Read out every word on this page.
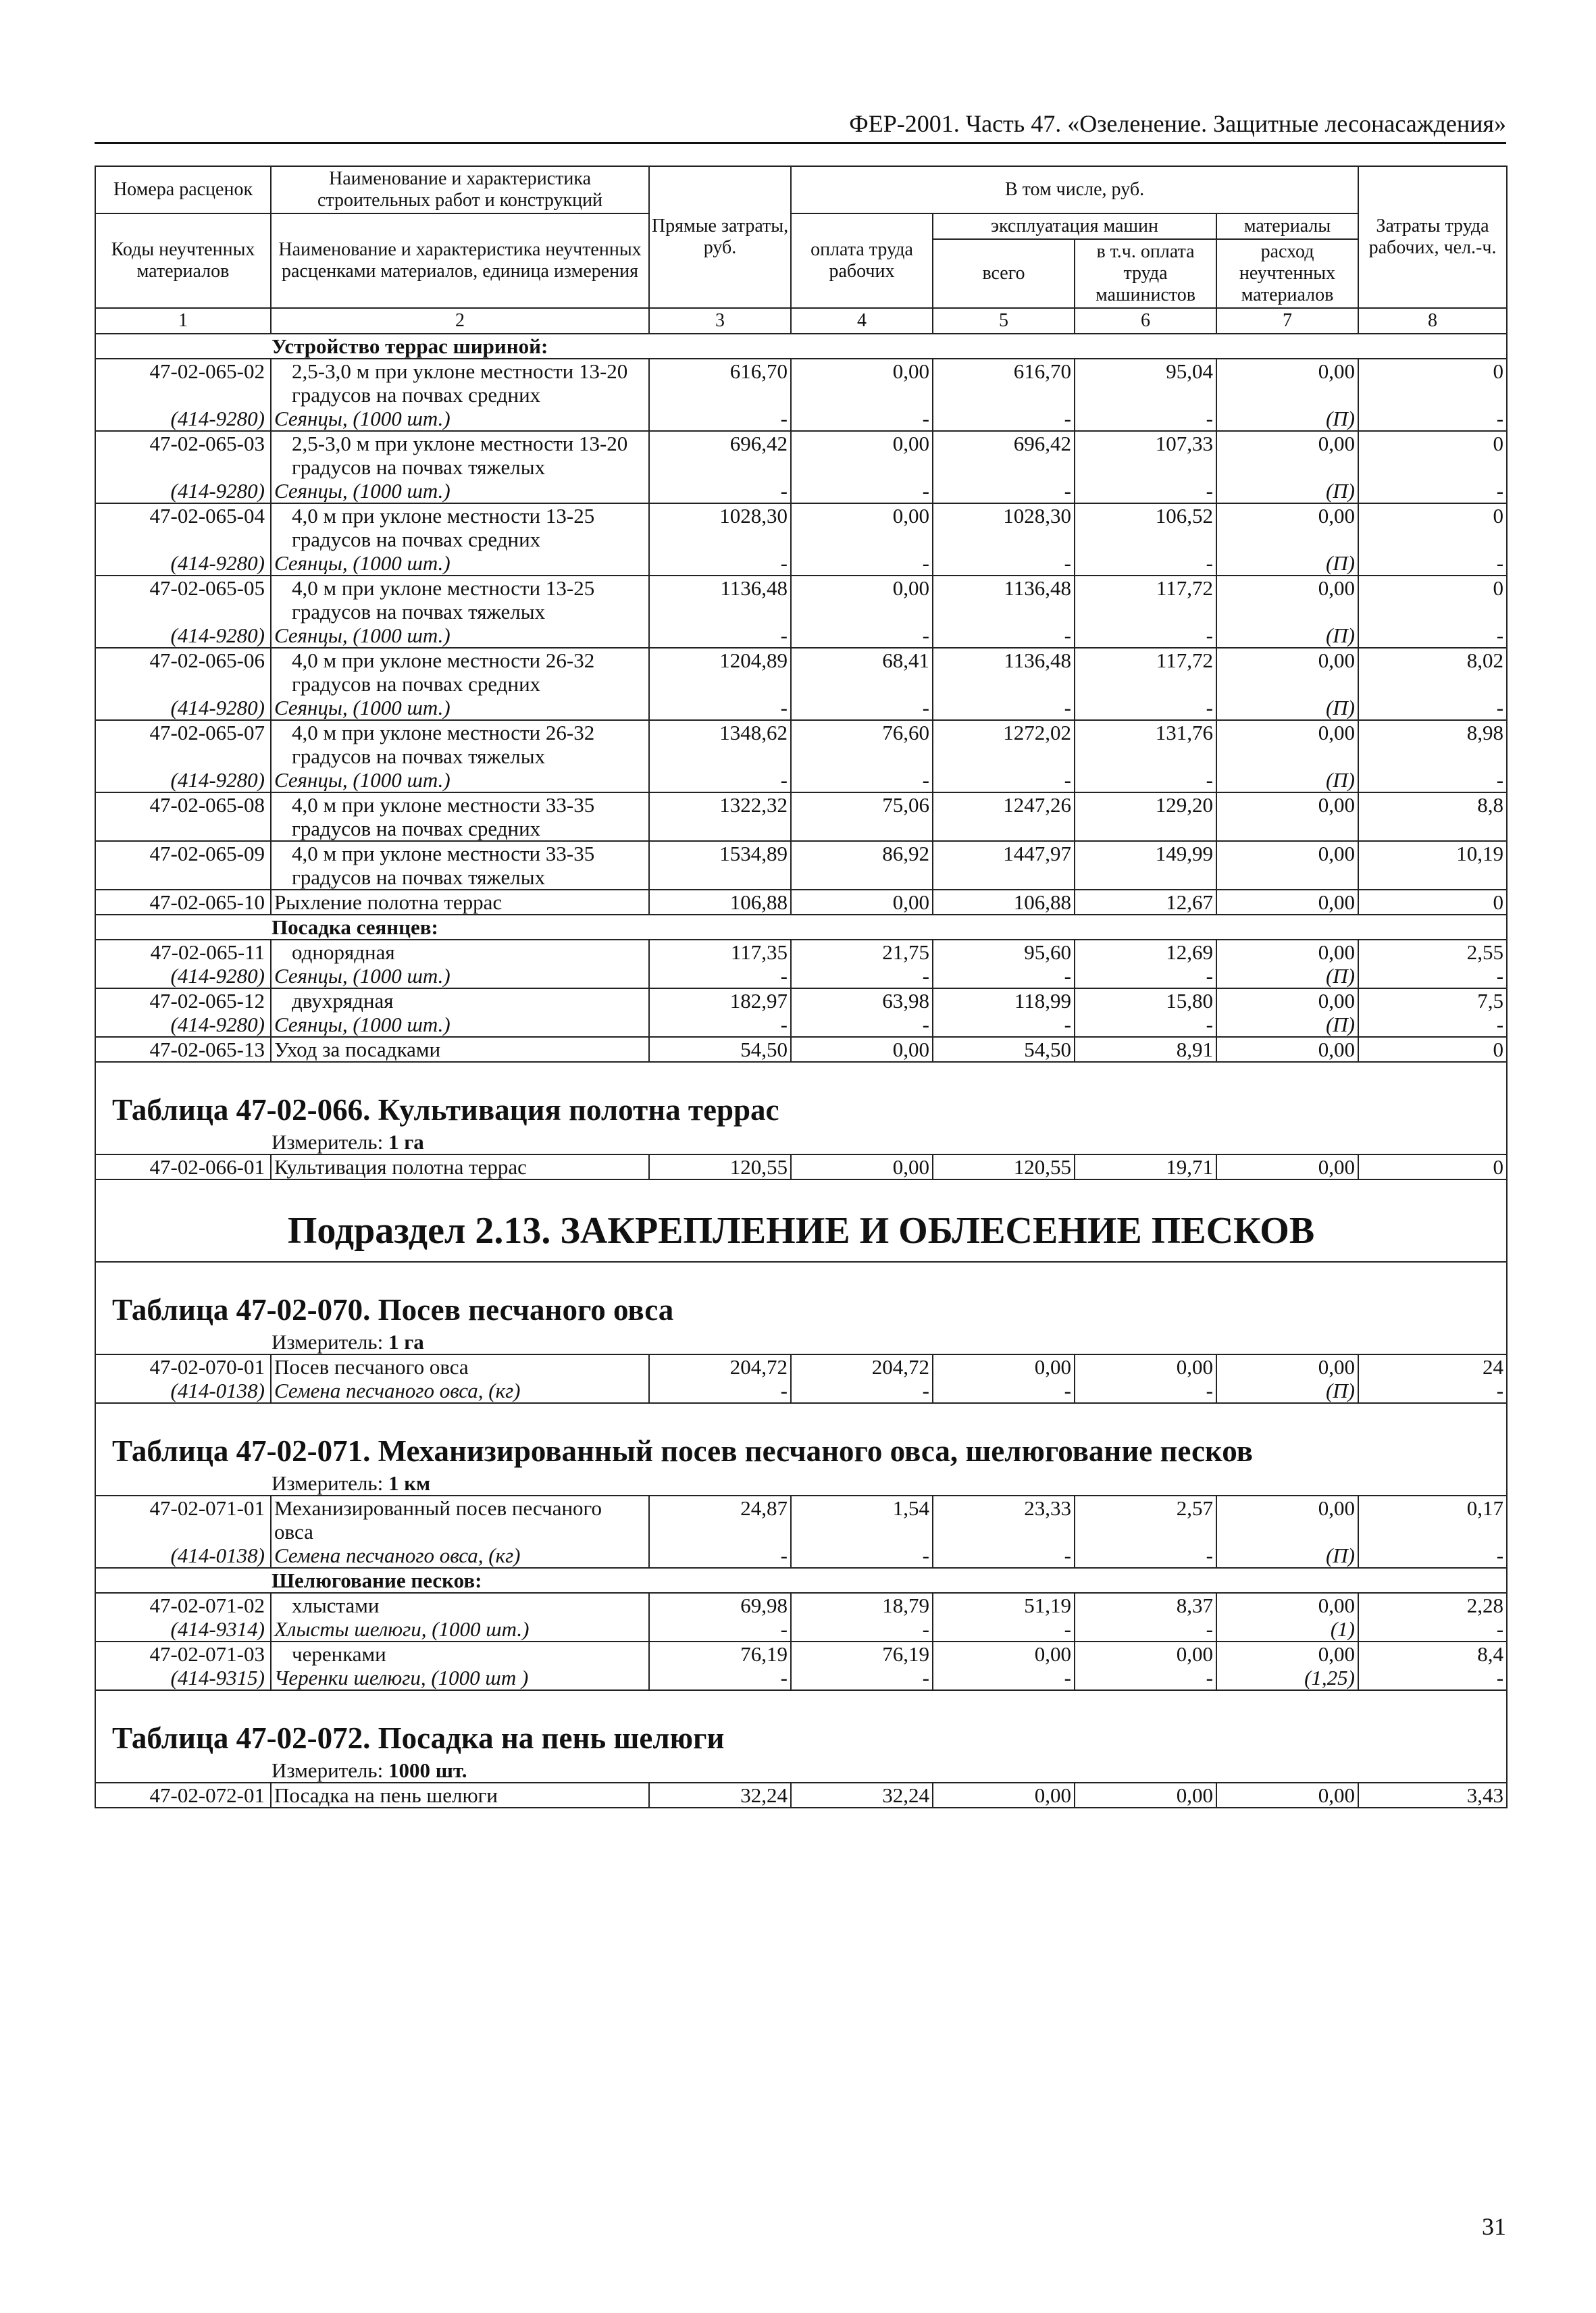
ФЕР-2001. Часть 47. «Озеленение. Защитные лесонасаждения»
Номера расценок	Наименование и характеристика строительных работ и конструкций	Прямые затраты, руб.	В том числе, руб.				Затраты труда рабочих, чел.-ч.
Коды неучтенных материалов	Наименование и характеристика неучтенных расценками материалов, единица измерения		оплата труда рабочих	эксплуатация машин		материалы	
				всего	в т.ч. оплата труда машинистов	расход неучтенных материалов	
1	2	3	4	5	6	7	8
Устройство террас шириной:							
47-02-065-02	2,5-3,0 м при уклоне местности 13-20 градусов на почвах средних	616,70	0,00	616,70	95,04	0,00	0
(414-9280)	Сеянцы, (1000 шт.)	-	-	-	-	(П)	-
47-02-065-03	2,5-3,0 м при уклоне местности 13-20 градусов на почвах тяжелых	696,42	0,00	696,42	107,33	0,00	0
(414-9280)	Сеянцы, (1000 шт.)	-	-	-	-	(П)	-
47-02-065-04	4,0 м при уклоне местности 13-25 градусов на почвах средних	1028,30	0,00	1028,30	106,52	0,00	0
(414-9280)	Сеянцы, (1000 шт.)	-	-	-	-	(П)	-
47-02-065-05	4,0 м при уклоне местности 13-25 градусов на почвах тяжелых	1136,48	0,00	1136,48	117,72	0,00	0
(414-9280)	Сеянцы, (1000 шт.)	-	-	-	-	(П)	-
47-02-065-06	4,0 м при уклоне местности 26-32 градусов на почвах средних	1204,89	68,41	1136,48	117,72	0,00	8,02
(414-9280)	Сеянцы, (1000 шт.)	-	-	-	-	(П)	-
47-02-065-07	4,0 м при уклоне местности 26-32 градусов на почвах тяжелых	1348,62	76,60	1272,02	131,76	0,00	8,98
(414-9280)	Сеянцы, (1000 шт.)	-	-	-	-	(П)	-
47-02-065-08	4,0 м при уклоне местности 33-35 градусов на почвах средних	1322,32	75,06	1247,26	129,20	0,00	8,8
47-02-065-09	4,0 м при уклоне местности 33-35 градусов на почвах тяжелых	1534,89	86,92	1447,97	149,99	0,00	10,19
47-02-065-10	Рыхление полотна террас	106,88	0,00	106,88	12,67	0,00	0
Посадка сеянцев:							
47-02-065-11	однорядная	117,35	21,75	95,60	12,69	0,00	2,55
(414-9280)	Сеянцы, (1000 шт.)	-	-	-	-	(П)	-
47-02-065-12	двухрядная	182,97	63,98	118,99	15,80	0,00	7,5
(414-9280)	Сеянцы, (1000 шт.)	-	-	-	-	(П)	-
47-02-065-13	Уход за посадками	54,50	0,00	54,50	8,91	0,00	0
Таблица 47-02-066. Культивация полотна террас							
Измеритель: 1 га							
47-02-066-01	Культивация полотна террас	120,55	0,00	120,55	19,71	0,00	0
Подраздел 2.13. ЗАКРЕПЛЕНИЕ И ОБЛЕСЕНИЕ ПЕСКОВ							
Таблица 47-02-070. Посев песчаного овса							
Измеритель: 1 га							
47-02-070-01	Посев песчаного овса	204,72	204,72	0,00	0,00	0,00	24
(414-0138)	Семена песчаного овса, (кг)	-	-	-	-	(П)	-
Таблица 47-02-071. Механизированный посев песчаного овса, шелюгование песков							
Измеритель: 1 км							
47-02-071-01	Механизированный посев песчаного овса	24,87	1,54	23,33	2,57	0,00	0,17
(414-0138)	Семена песчаного овса, (кг)	-	-	-	-	(П)	-
Шелюгование песков:							
47-02-071-02	хлыстами	69,98	18,79	51,19	8,37	0,00	2,28
(414-9314)	Хлысты шелюги, (1000 шт.)	-	-	-	-	(1)	-
47-02-071-03	черенками	76,19	76,19	0,00	0,00	0,00	8,4
(414-9315)	Черенки шелюги, (1000 шт )	-	-	-	-	(1,25)	-
Таблица 47-02-072. Посадка на пень шелюги							
Измеритель: 1000 шт.							
47-02-072-01	Посадка на пень шелюги	32,24	32,24	0,00	0,00	0,00	3,43
31
